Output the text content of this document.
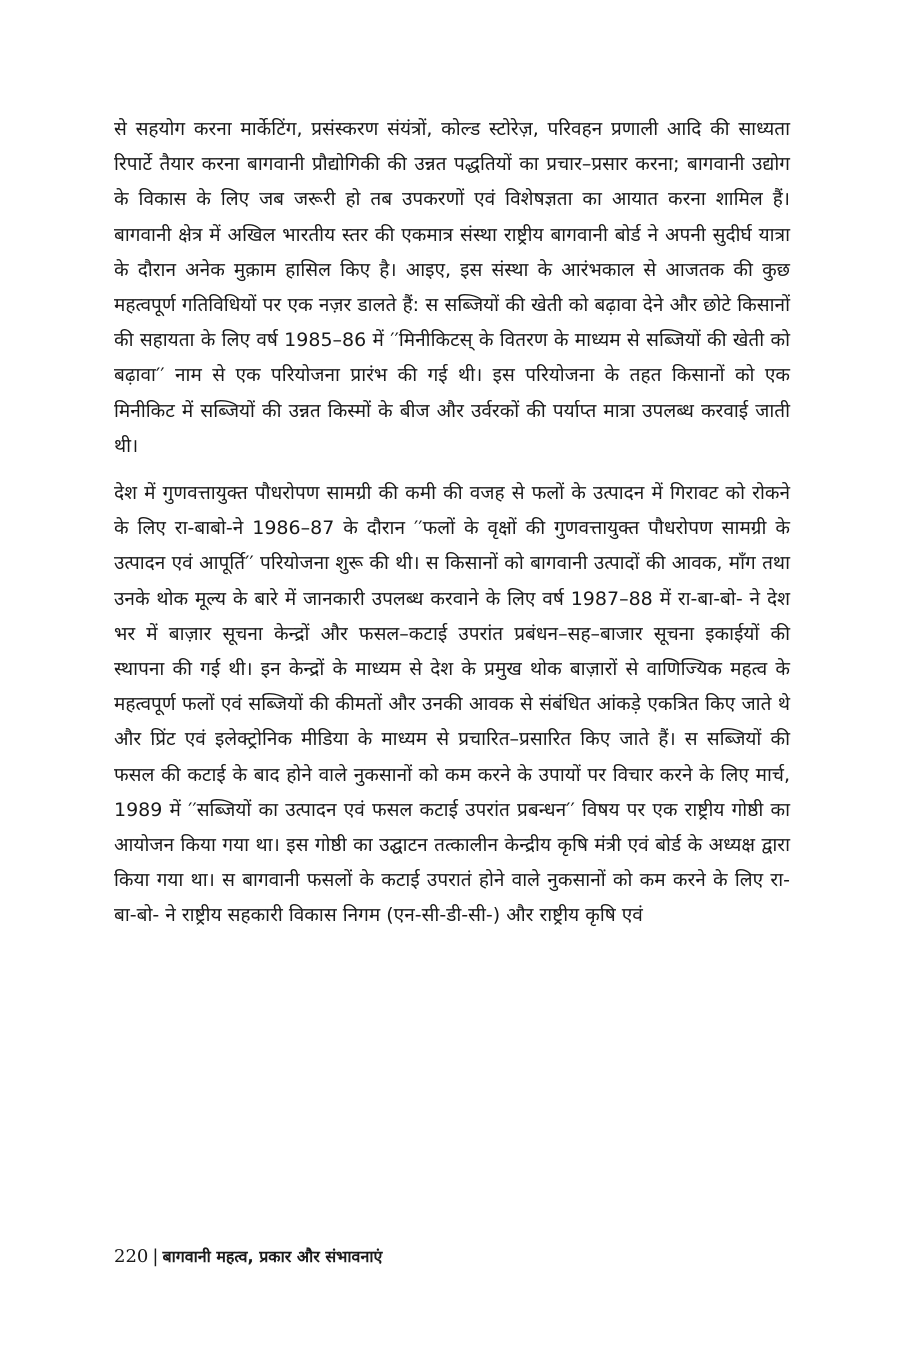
से सहयोग करना मार्केटिंग, प्रसंस्करण संयंत्रों, कोल्ड स्टोरेज़, परिवहन प्रणाली आदि की साध्यता रिपार्टे तैयार करना बागवानी प्रौद्योगिकी की उन्नत पद्धतियों का प्रचार–प्रसार करना; बागवानी उद्योग के विकास के लिए जब जरूरी हो तब उपकरणों एवं विशेषज्ञता का आयात करना शामिल हैं। बागवानी क्षेत्र में अखिल भारतीय स्तर की एकमात्र संस्था राष्ट्रीय बागवानी बोर्ड ने अपनी सुदीर्घ यात्रा के दौरान अनेक मुक़ाम हासिल किए है। आइए, इस संस्था के आरंभकाल से आजतक की कुछ महत्वपूर्ण गतिविधियों पर एक नज़र डालते हैं: स सब्जियों की खेती को बढ़ावा देने और छोटे किसानों की सहायता के लिए वर्ष 1985–86 में ′′मिनीकिटस् के वितरण के माध्यम से सब्जियों की खेती को बढ़ावा′′ नाम से एक परियोजना प्रारंभ की गई थी। इस परियोजना के तहत किसानों को एक मिनीकिट में सब्जियों की उन्नत किस्मों के बीज और उर्वरकों की पर्याप्त मात्रा उपलब्ध करवाई जाती थी।

देश में गुणवत्तायुक्त पौधरोपण सामग्री की कमी की वजह से फलों के उत्पादन में गिरावट को रोकने के लिए रा-बाबो-ने 1986–87 के दौरान ′′फलों के वृक्षों की गुणवत्तायुक्त पौधरोपण सामग्री के उत्पादन एवं आपूर्ति′′ परियोजना शुरू की थी। स किसानों को बागवानी उत्पादों की आवक, माँग तथा उनके थोक मूल्य के बारे में जानकारी उपलब्ध करवाने के लिए वर्ष 1987–88 में रा-बा-बो- ने देश भर में बाज़ार सूचना केन्द्रों और फसल–कटाई उपरांत प्रबंधन–सह–बाजार सूचना इकाईयों की स्थापना की गई थी। इन केन्द्रों के माध्यम से देश के प्रमुख थोक बाज़ारों से वाणिज्यिक महत्व के महत्वपूर्ण फलों एवं सब्जियों की कीमतों और उनकी आवक से संबंधित आंकड़े एकत्रित किए जाते थे और प्रिंट एवं इलेक्ट्रोनिक मीडिया के माध्यम से प्रचारित–प्रसारित किए जाते हैं। स सब्जियों की फसल की कटाई के बाद होने वाले नुकसानों को कम करने के उपायों पर विचार करने के लिए मार्च, 1989 में ′′सब्जियों का उत्पादन एवं फसल कटाई उपरांत प्रबन्धन′′ विषय पर एक राष्ट्रीय गोष्ठी का आयोजन किया गया था। इस गोष्ठी का उद्घाटन तत्कालीन केन्द्रीय कृषि मंत्री एवं बोर्ड के अध्यक्ष द्वारा किया गया था। स बागवानी फसलों के कटाई उपरातं होने वाले नुकसानों को कम करने के लिए रा-बा-बो- ने राष्ट्रीय सहकारी विकास निगम (एन-सी-डी-सी-) और राष्ट्रीय कृषि एवं

220 | बागवानी महत्व, प्रकार और संभावनाएं
